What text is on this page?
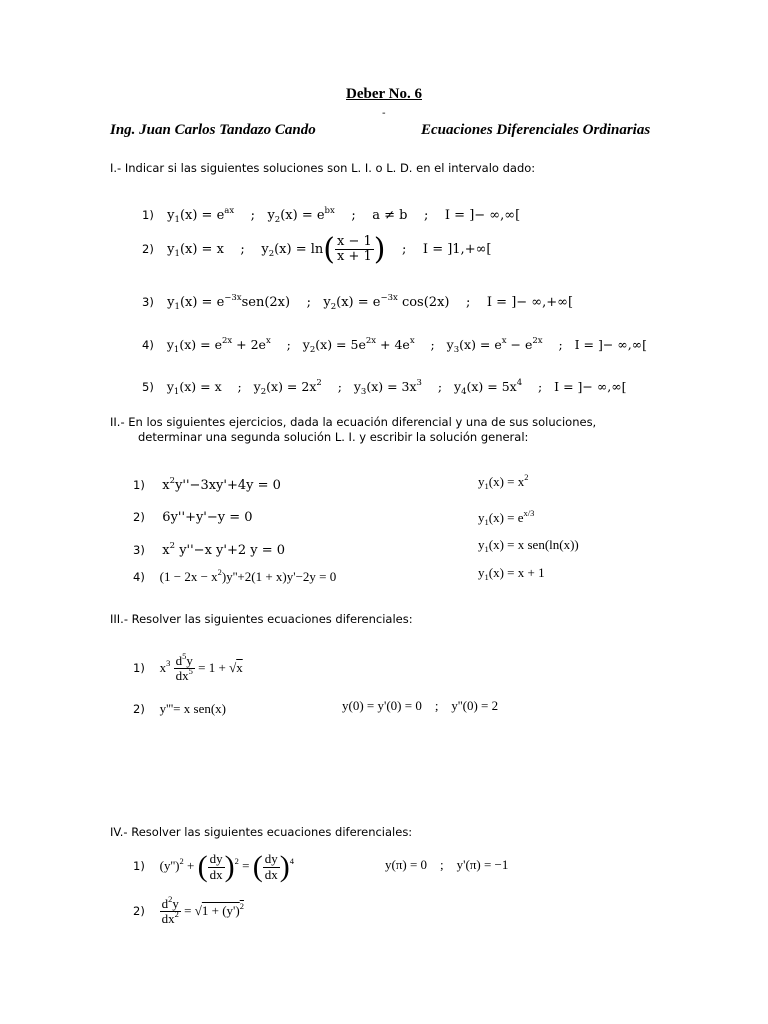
Deber No. 6
-
Ing. Juan Carlos Tandazo Cando	Ecuaciones Diferenciales Ordinarias
I.- Indicar si las siguientes soluciones son L. I. o L. D. en el intervalo dado:
1)   $y_1(x) = e^{ax}$    ;   $y_2(x) = e^{bx}$    ;    a ≠ b    ;    I = ]− ∞,∞[
2)   $y_1(x) = x$    ;    $y_2(x) = \ln( \frac{x - 1}{x + 1}$ )    ;    I = ]1,+∞[
3)   $y_1(x) = e^{-3x}sen(2x)$    ;   $y_2(x) = e^{-3x}$ cos(2x)    ;    I = ]− ∞,+∞[
4)   $y_1(x) = e^{2x} + 2e^x$    ;   $y_2(x) = 5e^{2x} + 4e^x$    ;   $y_3(x) = e^x - e^{2x}$    ;   I = ]− ∞,∞[
5)   $y_1(x) = x$    ;   $y_2(x) = 2x^2$    ;   $y_3(x) = 3x^3$    ;   $y_4(x) = 5x^4$    ;   I = ]− ∞,∞[
II.- En los siguientes ejercicios, dada la ecuación diferencial y una de sus soluciones,
determinar una segunda solución L. I. y escribir la solución general:
1)    $x^2y''-3xy'+4y = 0$	$y_1(x) = x^2$
2)    6y''+y'−y = 0	$y_1(x) = e^{x/3}$
3)    $x^2$ y''−x y'+2 y = 0	$y_1(x) = x$ sen(ln(x))
4)    $(1 - 2x - x^2)y''+2(1 + x)y'-2y = 0$	$y_1(x) = x + 1$
III.- Resolver las siguientes ecuaciones diferenciales:
1)    $x^3 \frac{d^5y}{dx^5} = 1 + √x$
2)    y'''= x sen(x)	y(0) = y'(0) = 0    ;    y''(0) = 2
IV.- Resolver las siguientes ecuaciones diferenciales:
1)    $(y'')^2$ + ( $\frac{dy}{dx} )^2$ = ( $\frac{dy}{dx} )^4$	y(π) = 0    ;    y'(π) = −1
$2) \frac{d^2y}{dx^2} = √1 + (y')^2$
